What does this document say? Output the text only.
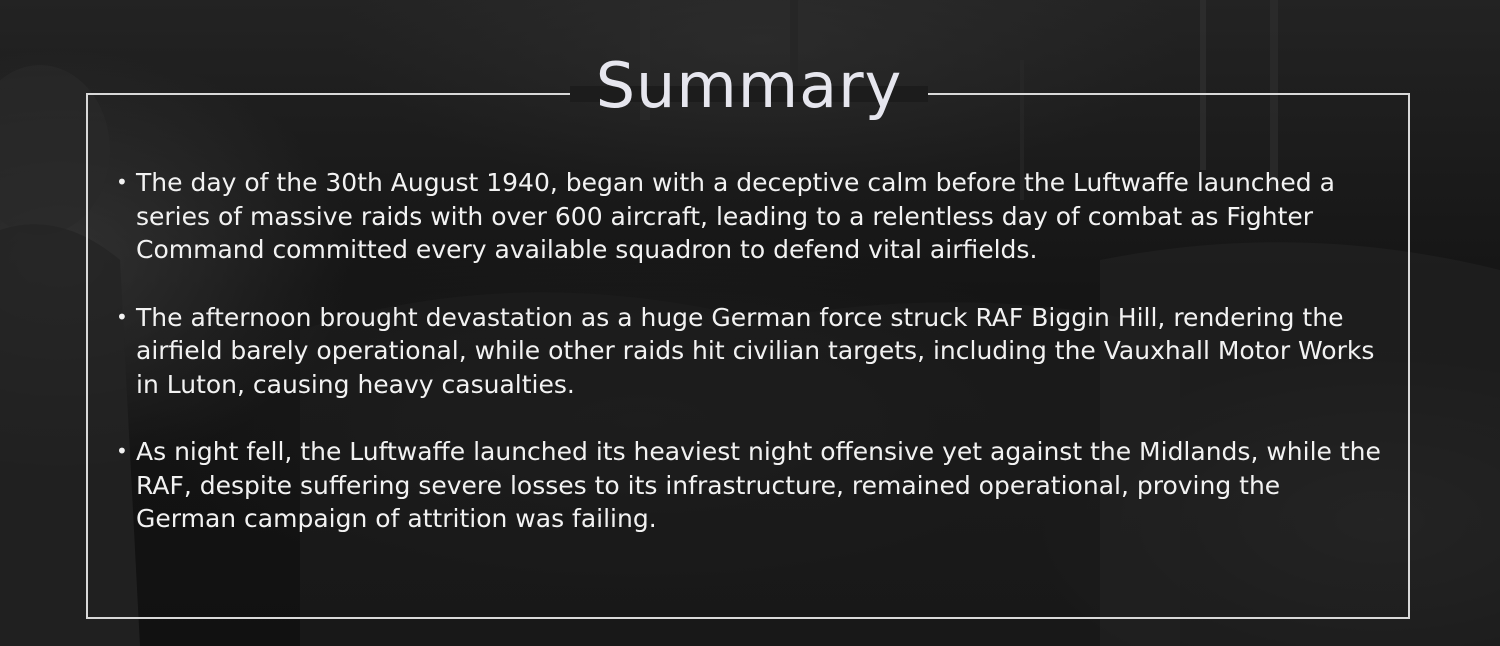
Summary
• The day of the 30th August 1940, began with a deceptive calm before the Luftwaffe launched a series of massive raids with over 600 aircraft, leading to a relentless day of combat as Fighter Command committed every available squadron to defend vital airfields.
• The afternoon brought devastation as a huge German force struck RAF Biggin Hill, rendering the airfield barely operational, while other raids hit civilian targets, including the Vauxhall Motor Works in Luton, causing heavy casualties.
• As night fell, the Luftwaffe launched its heaviest night offensive yet against the Midlands, while the RAF, despite suffering severe losses to its infrastructure, remained operational, proving the German campaign of attrition was failing.
